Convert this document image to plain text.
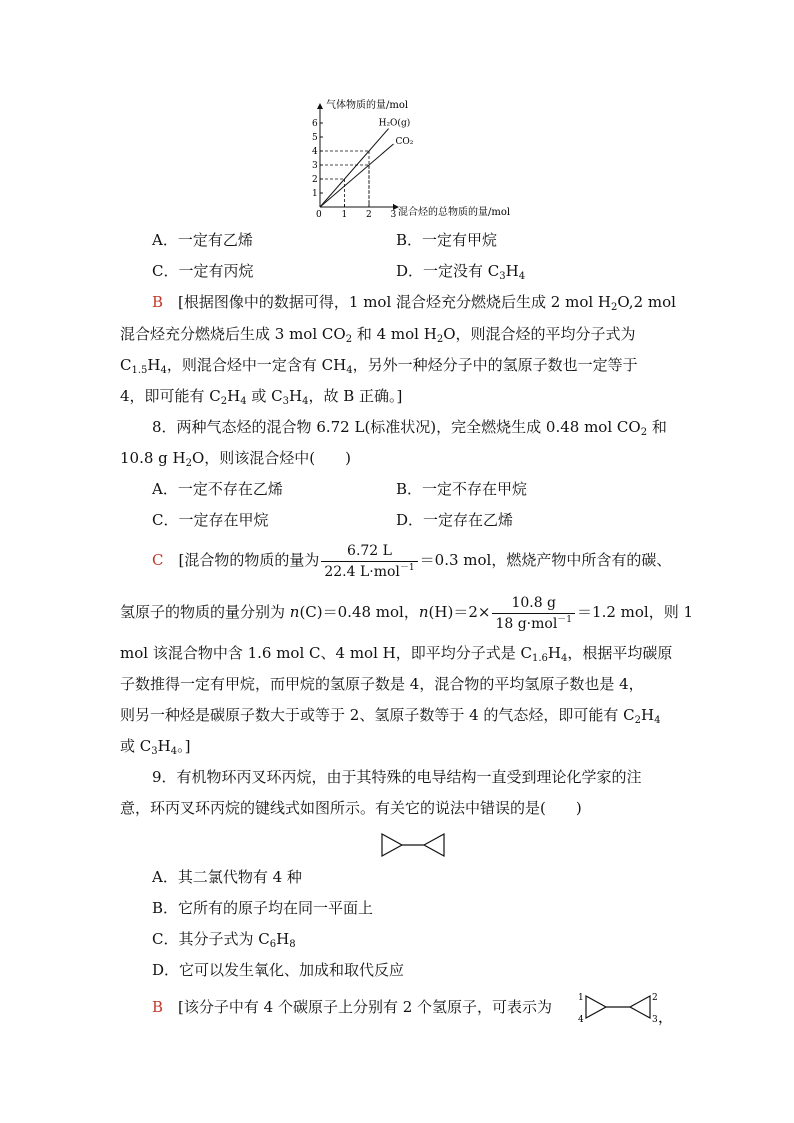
气体物质的量/mol
混合烃的总物质的量/mol
0 1 2 3
1
2
3
4
5
6	H₂O(g)
CO₂
A．一定有乙烯	B．一定有甲烷
C．一定有丙烷	D．一定没有 $C_3H_4$
B　 [根据图像中的数据可得，1 mol 混合烃充分燃烧后生成 2 mol $H_2O,2$ mol
混合烃充分燃烧后生成 3 mol $CO_2$ 和 4 mol $H_2O$，则混合烃的平均分子式为
$C_{1.5}H_4$，则混合烃中一定含有 $CH_4$，另外一种烃分子中的氢原子数也一定等于
4，即可能有 $C_2H_4$ 或 $C_3H_4$，故 B 正确。]
8．两种气态烃的混合物 6.72 L(标准状况)，完全燃烧生成 0.48 mol $CO_2$ 和
10.8 g $H_2O$，则该混合烃中(　　)
A．一定不存在乙烯	B．一定不存在甲烷
C．一定存在甲烷	D．一定存在乙烯
C　 [混合物的物质的量为 $\frac{6.72 L}{22.4 L\cdot mol^{-1}} =0.3$ mol，燃烧产物中所含有的碳、
氢原子的物质的量分别为 n(C)＝0.48 mol，$n(H)=2\times \frac{10.8 g}{18 g\cdot mol^{-1}} =1.2$ mol，则 1
mol 该混合物中含 1.6 mol C、4 mol H，即平均分子式是 $C_{1.6}H_4$，根据平均碳原
子数推得一定有甲烷，而甲烷的氢原子数是 4，混合物的平均氢原子数也是 4，
则另一种烃是碳原子数大于或等于 2、氢原子数等于 4 的气态烃，即可能有 $C_2H_4$
或 $C_3H_4$。]
9．有机物环丙叉环丙烷，由于其特殊的电导结构一直受到理论化学家的注
意，环丙叉环丙烷的键线式如图所示。有关它的说法中错误的是(　　)
A．其二氯代物有 4 种
B．它所有的原子均在同一平面上
C．其分子式为 $C_6H_8$
D．它可以发生氧化、加成和取代反应
B　 [该分子中有 4 个碳原子上分别有 2 个氢原子，可表示为	1
4
2
3 ，
